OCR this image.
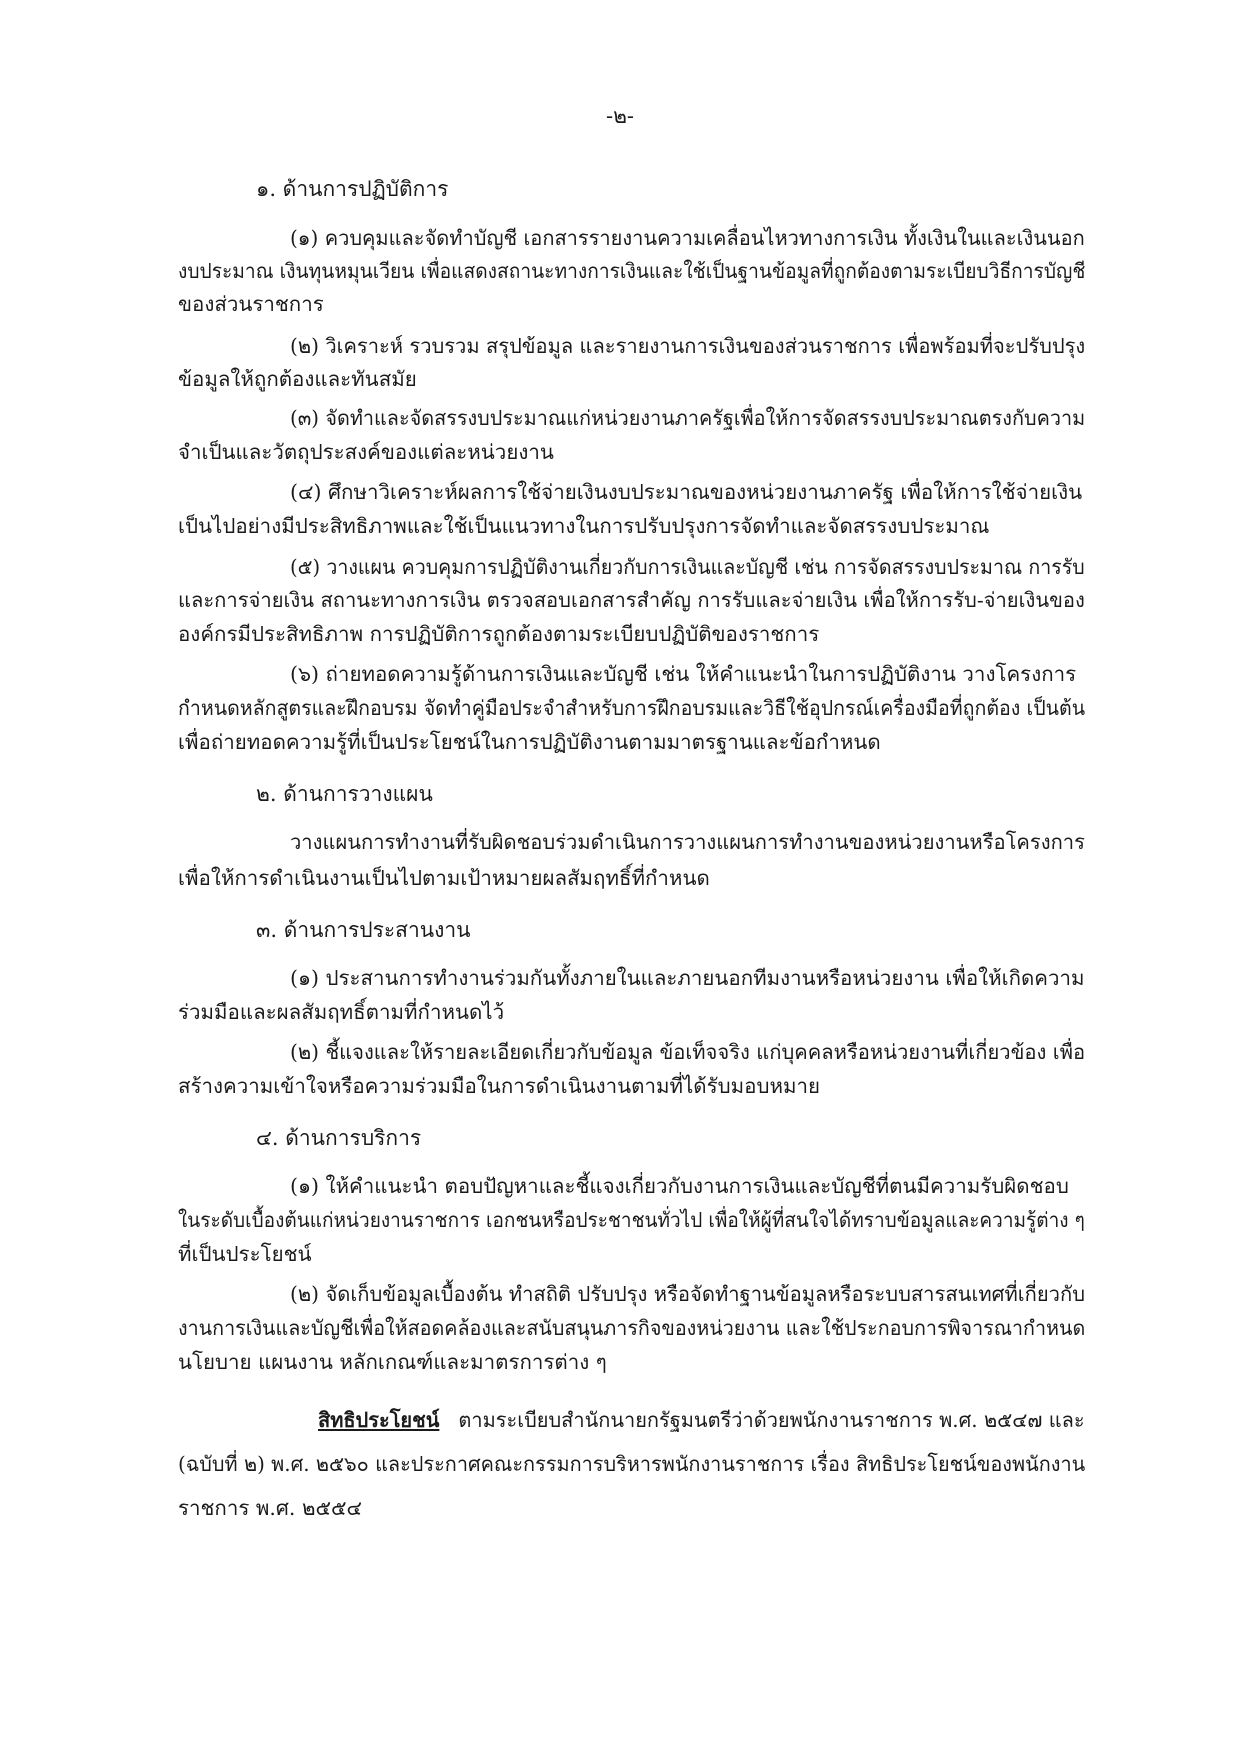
-๒-
๑. ด้านการปฏิบัติการ
(๑) ควบคุมและจัดทำบัญชี เอกสารรายงานความเคลื่อนไหวทางการเงิน ทั้งเงินในและเงินนอก
งบประมาณ เงินทุนหมุนเวียน เพื่อแสดงสถานะทางการเงินและใช้เป็นฐานข้อมูลที่ถูกต้องตามระเบียบวิธีการบัญชี
ของส่วนราชการ
(๒) วิเคราะห์ รวบรวม สรุปข้อมูล และรายงานการเงินของส่วนราชการ เพื่อพร้อมที่จะปรับปรุง
ข้อมูลให้ถูกต้องและทันสมัย
(๓) จัดทำและจัดสรรงบประมาณแก่หน่วยงานภาครัฐเพื่อให้การจัดสรรงบประมาณตรงกับความ
จำเป็นและวัตถุประสงค์ของแต่ละหน่วยงาน
(๔) ศึกษาวิเคราะห์ผลการใช้จ่ายเงินงบประมาณของหน่วยงานภาครัฐ เพื่อให้การใช้จ่ายเงิน
เป็นไปอย่างมีประสิทธิภาพและใช้เป็นแนวทางในการปรับปรุงการจัดทำและจัดสรรงบประมาณ
(๕) วางแผน ควบคุมการปฏิบัติงานเกี่ยวกับการเงินและบัญชี เช่น การจัดสรรงบประมาณ การรับ
และการจ่ายเงิน สถานะทางการเงิน ตรวจสอบเอกสารสำคัญ การรับและจ่ายเงิน เพื่อให้การรับ-จ่ายเงินของ
องค์กรมีประสิทธิภาพ การปฏิบัติการถูกต้องตามระเบียบปฏิบัติของราชการ
(๖) ถ่ายทอดความรู้ด้านการเงินและบัญชี เช่น ให้คำแนะนำในการปฏิบัติงาน วางโครงการ
กำหนดหลักสูตรและฝึกอบรม จัดทำคู่มือประจำสำหรับการฝึกอบรมและวิธีใช้อุปกรณ์เครื่องมือที่ถูกต้อง เป็นต้น
เพื่อถ่ายทอดความรู้ที่เป็นประโยชน์ในการปฏิบัติงานตามมาตรฐานและข้อกำหนด
๒. ด้านการวางแผน
วางแผนการทำงานที่รับผิดชอบร่วมดำเนินการวางแผนการทำงานของหน่วยงานหรือโครงการ
เพื่อให้การดำเนินงานเป็นไปตามเป้าหมายผลสัมฤทธิ์ที่กำหนด
๓. ด้านการประสานงาน
(๑) ประสานการทำงานร่วมกันทั้งภายในและภายนอกทีมงานหรือหน่วยงาน เพื่อให้เกิดความ
ร่วมมือและผลสัมฤทธิ์ตามที่กำหนดไว้
(๒) ชี้แจงและให้รายละเอียดเกี่ยวกับข้อมูล ข้อเท็จจริง แก่บุคคลหรือหน่วยงานที่เกี่ยวข้อง เพื่อ
สร้างความเข้าใจหรือความร่วมมือในการดำเนินงานตามที่ได้รับมอบหมาย
๔. ด้านการบริการ
(๑) ให้คำแนะนำ ตอบปัญหาและชี้แจงเกี่ยวกับงานการเงินและบัญชีที่ตนมีความรับผิดชอบ
ในระดับเบื้องต้นแก่หน่วยงานราชการ เอกชนหรือประชาชนทั่วไป เพื่อให้ผู้ที่สนใจได้ทราบข้อมูลและความรู้ต่าง ๆ
ที่เป็นประโยชน์
(๒) จัดเก็บข้อมูลเบื้องต้น ทำสถิติ ปรับปรุง หรือจัดทำฐานข้อมูลหรือระบบสารสนเทศที่เกี่ยวกับ
งานการเงินและบัญชีเพื่อให้สอดคล้องและสนับสนุนภารกิจของหน่วยงาน และใช้ประกอบการพิจารณากำหนด
นโยบาย แผนงาน หลักเกณฑ์และมาตรการต่าง ๆ
สิทธิประโยชน์ ตามระเบียบสำนักนายกรัฐมนตรีว่าด้วยพนักงานราชการ พ.ศ. ๒๕๔๗ และ
(ฉบับที่ ๒) พ.ศ. ๒๕๖๐ และประกาศคณะกรรมการบริหารพนักงานราชการ เรื่อง สิทธิประโยชน์ของพนักงาน
ราชการ พ.ศ. ๒๕๕๔
